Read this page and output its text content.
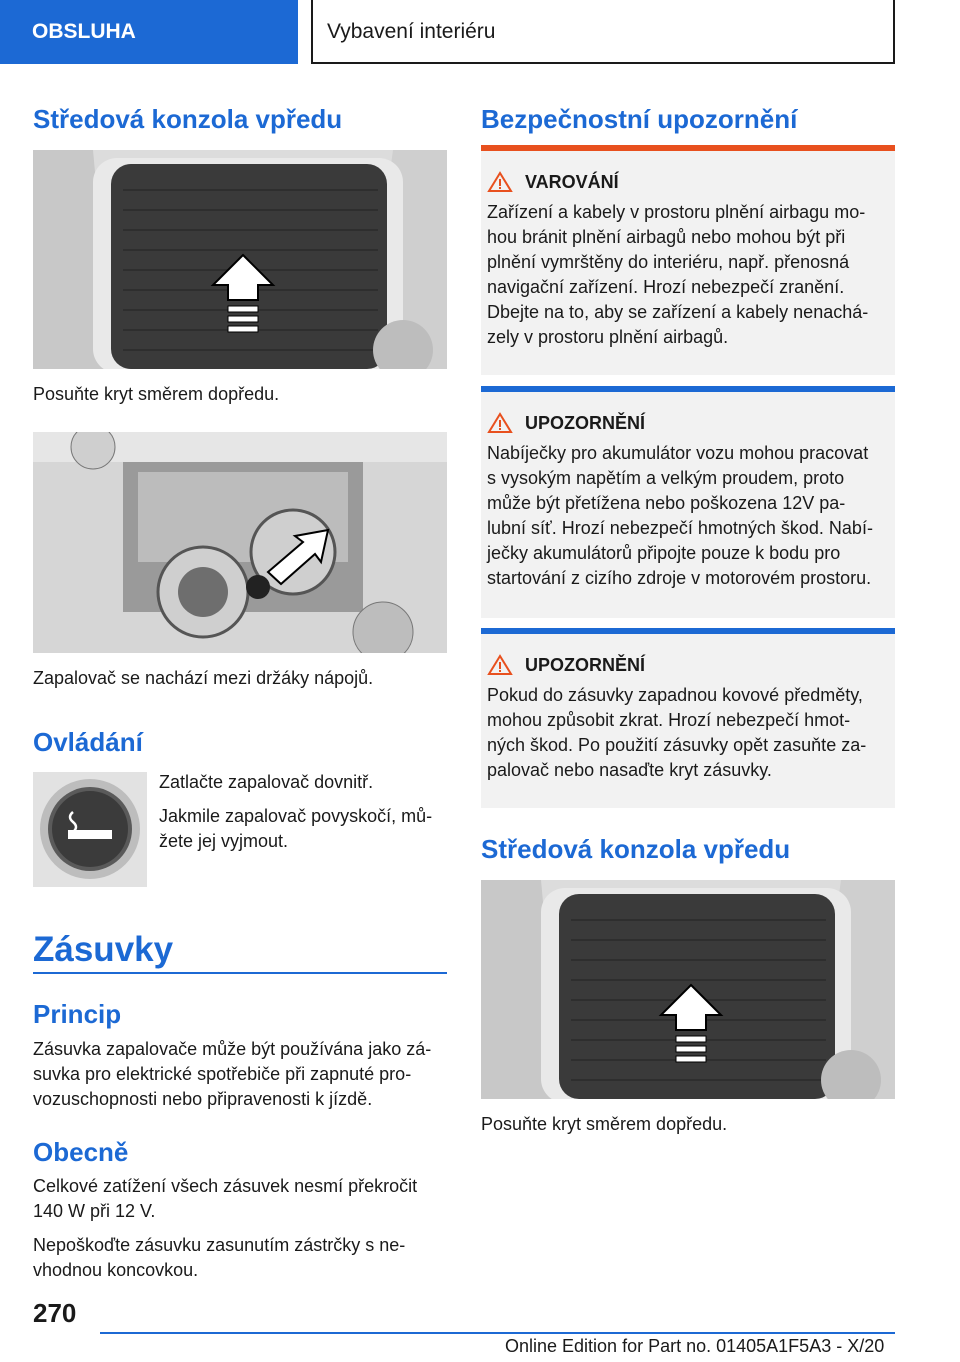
OBSLUHA	Vybavení interiéru
Středová konzola vpředu
Posuňte kryt směrem dopředu.
Zapalovač se nachází mezi držáky nápojů.
Ovládání
Zatlačte zapalovač dovnitř.
Jakmile zapalovač povyskočí, mů‐
žete jej vyjmout.
Zásuvky
Princip
Zásuvka zapalovače může být používána jako zá‐
suvka pro elektrické spotřebiče při zapnuté pro‐
vozuschopnosti nebo připravenosti k jízdě.
Obecně
Celkové zatížení všech zásuvek nesmí překročit
140 W při 12 V.
Nepoškoďte zásuvku zasunutím zástrčky s ne‐
vhodnou koncovkou.
Bezpečnostní upozornění
VAROVÁNÍ
Zařízení a kabely v prostoru plnění airbagu mo‐
hou bránit plnění airbagů nebo mohou být při
plnění vymrštěny do interiéru, např. přenosná
navigační zařízení. Hrozí nebezpečí zranění.
Dbejte na to, aby se zařízení a kabely nenachá‐
zely v prostoru plnění airbagů.
UPOZORNĚNÍ
Nabíječky pro akumulátor vozu mohou pracovat
s vysokým napětím a velkým proudem, proto
může být přetížena nebo poškozena 12V pa‐
lubní síť. Hrozí nebezpečí hmotných škod. Nabí‐
ječky akumulátorů připojte pouze k bodu pro
startování z cizího zdroje v motorovém prostoru.
UPOZORNĚNÍ
Pokud do zásuvky zapadnou kovové předměty,
mohou způsobit zkrat. Hrozí nebezpečí hmot‐
ných škod. Po použití zásuvky opět zasuňte za‐
palovač nebo nasaďte kryt zásuvky.
Středová konzola vpředu
Posuňte kryt směrem dopředu.
270
Online Edition for Part no. 01405A1F5A3 - X/20
